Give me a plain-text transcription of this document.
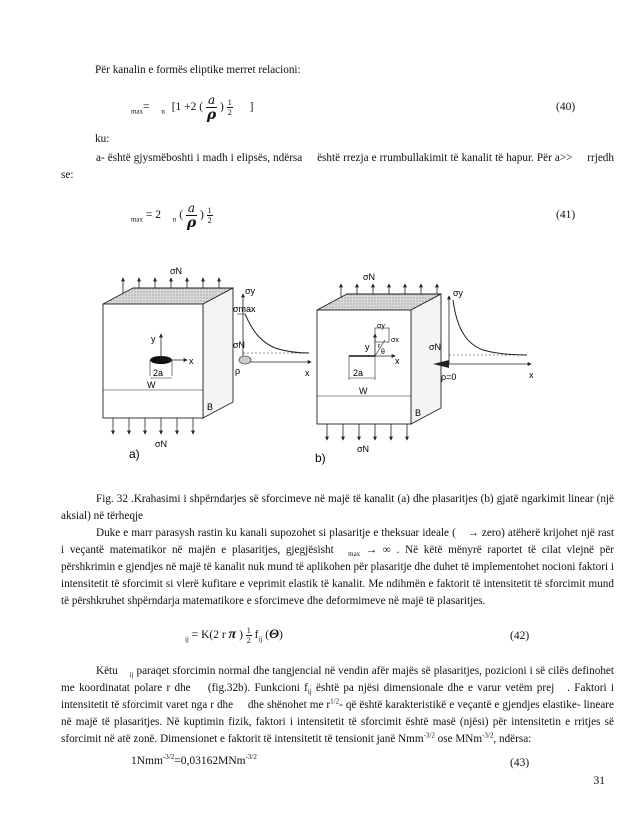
Për kanalin e formës eliptike merret relacioni:
$ _{max}=$ $ _n$ [1 +2 ( $\frac{a}{\rho}$ ) $\frac{1}{2}$ ]	(40)
ku:
a- është gjysmëboshti i madh i elipsës, ndërsa   është rrezja e rrumbullakimit të kanalit të hapur. Për a>>   rrjedh se:
$ _{max} = 2$ $ _n$ ( $\frac{a}{\rho}$ ) $\frac{1}{2}$	(41)
σN
y
x
2a
W
B
σN
σy
σmax
σN
ρ	x
a)
σN
y
x
σy
σx
r
θ
2a
W
B
σN
σy
σN
ρ=0	x
b)
Fig. 32 .Krahasimi i shpërndarjes së sforcimeve në majë të kanalit (a) dhe plasaritjes (b) gjatë ngarkimit linear (një aksial) në tërheqje
Duke e marr parasysh rastin ku kanali supozohet si plasaritje e theksuar ideale (  → zero) atëherë krijohet një rast i veçantë matematikor në majën e plasaritjes, gjegjësisht $ _{max}$ → ∞ . Në këtë mënyrë raportet të cilat vlejnë për përshkrimin e gjendjes në majë të kanalit nuk mund të aplikohen për plasaritje dhe duhet të implementohet nocioni faktori i intensitetit të sforcimit si vlerë kufitare e veprimit elastik të kanalit. Me ndihmën e faktorit të intensitetit të sforcimit mund të përshkruhet shpërndarja matematikore e sforcimeve dhe deformimeve në majë të plasaritjes.
$ _{ij} = K(2$ r π ) $\frac{1}{2} f_{ij}$ (Θ)	(42)
Këtu $ _{ij}$ paraqet sforcimin normal dhe tangjencial në vendin afër majës së plasaritjes, pozicioni i së cilës definohet me koordinatat polare r dhe   (fig.32b). Funkcioni $f_{ij}$ është pa njësi dimensionale dhe e varur vetëm prej  . Faktori i intensitetit të sforcimit varet nga r dhe   dhe shënohet me $r^{1/2}-$ që është karakteristikë e veçantë e gjendjes elastike- lineare në majë të plasaritjes. Në kuptimin fizik, faktori i intensitetit të sforcimit është masë (njësi) për intensitetin e rritjes së sforcimit në atë zonë. Dimensionet e faktorit të intensitetit të tensionit janë Nmm$^{-3/2}$ ose MNm$^{-3/2}$, ndërsa:
1Nmm$^{-3/2}$=0,03162MNm$^{-3/2}$	(43)
31
